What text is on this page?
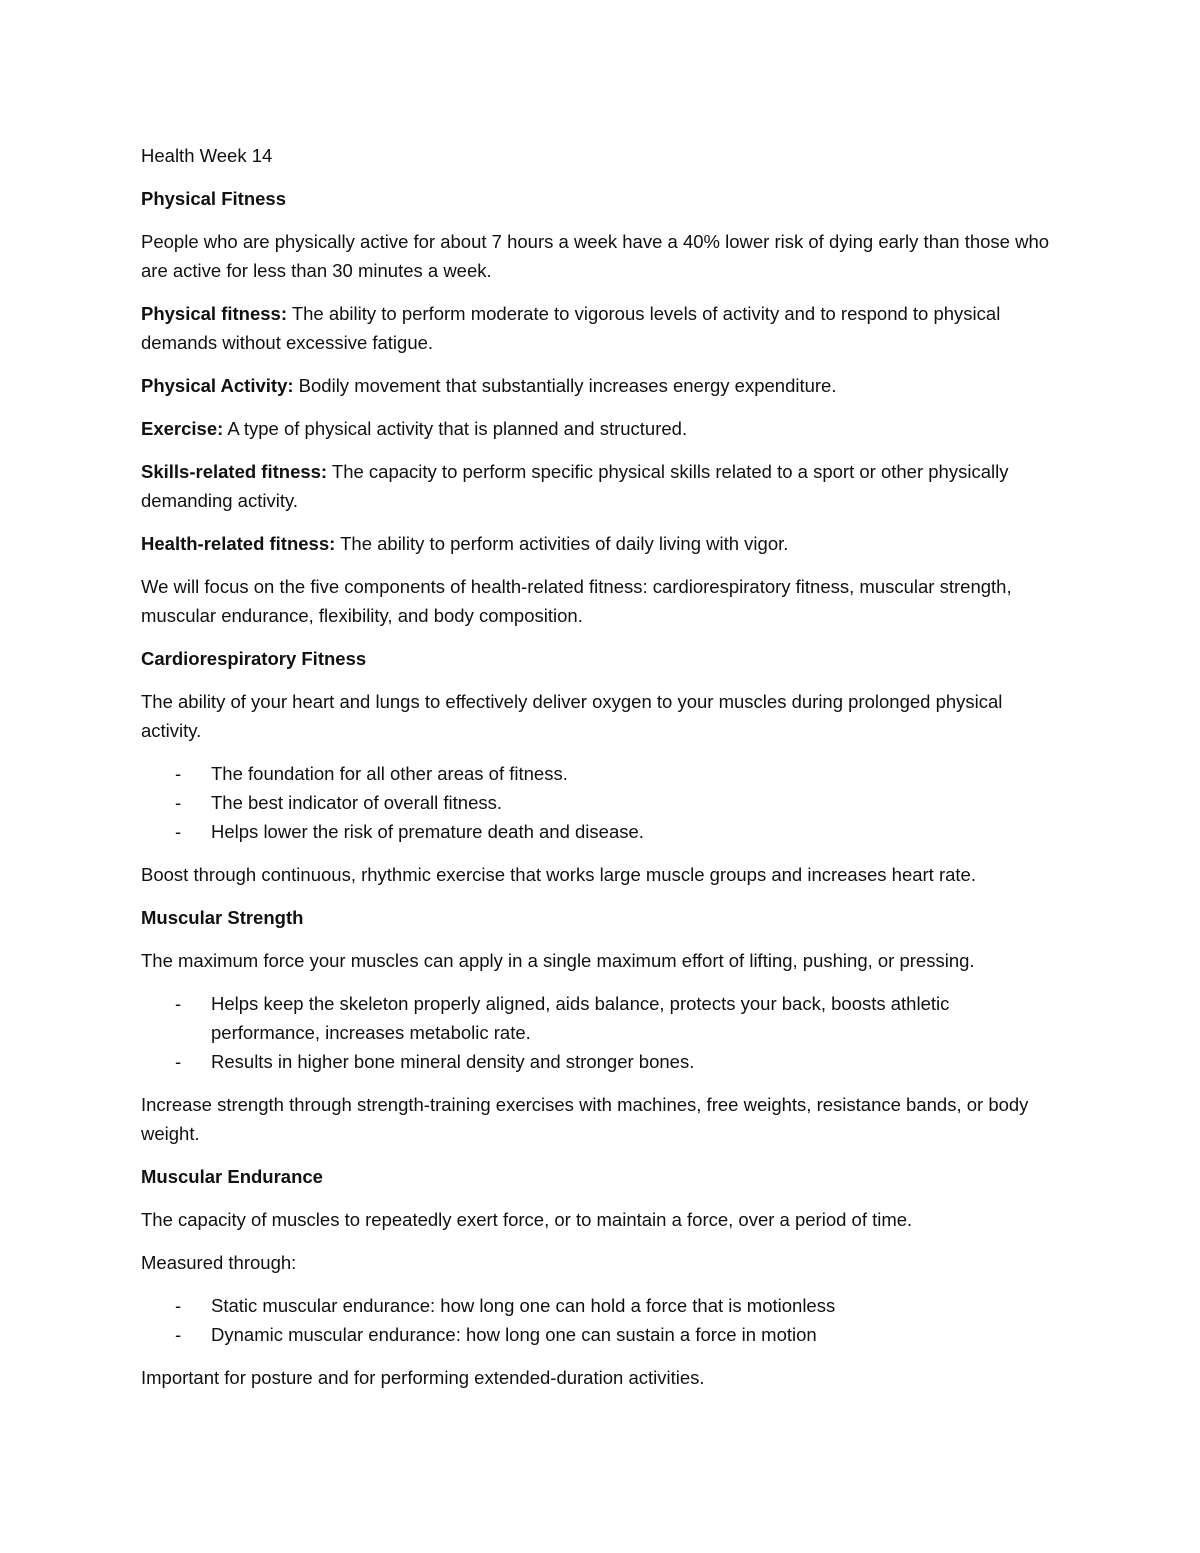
Health Week 14

Physical Fitness

People who are physically active for about 7 hours a week have a 40% lower risk of dying early than those who are active for less than 30 minutes a week.

Physical fitness: The ability to perform moderate to vigorous levels of activity and to respond to physical demands without excessive fatigue.

Physical Activity: Bodily movement that substantially increases energy expenditure.

Exercise: A type of physical activity that is planned and structured.

Skills-related fitness: The capacity to perform specific physical skills related to a sport or other physically demanding activity.

Health-related fitness: The ability to perform activities of daily living with vigor.

We will focus on the five components of health-related fitness: cardiorespiratory fitness, muscular strength, muscular endurance, flexibility, and body composition.

Cardiorespiratory Fitness

The ability of your heart and lungs to effectively deliver oxygen to your muscles during prolonged physical activity.

- The foundation for all other areas of fitness.
- The best indicator of overall fitness.
- Helps lower the risk of premature death and disease.

Boost through continuous, rhythmic exercise that works large muscle groups and increases heart rate.

Muscular Strength

The maximum force your muscles can apply in a single maximum effort of lifting, pushing, or pressing.

- Helps keep the skeleton properly aligned, aids balance, protects your back, boosts athletic performance, increases metabolic rate.
- Results in higher bone mineral density and stronger bones.

Increase strength through strength-training exercises with machines, free weights, resistance bands, or body weight.

Muscular Endurance

The capacity of muscles to repeatedly exert force, or to maintain a force, over a period of time.

Measured through:

- Static muscular endurance: how long one can hold a force that is motionless
- Dynamic muscular endurance: how long one can sustain a force in motion

Important for posture and for performing extended-duration activities.
